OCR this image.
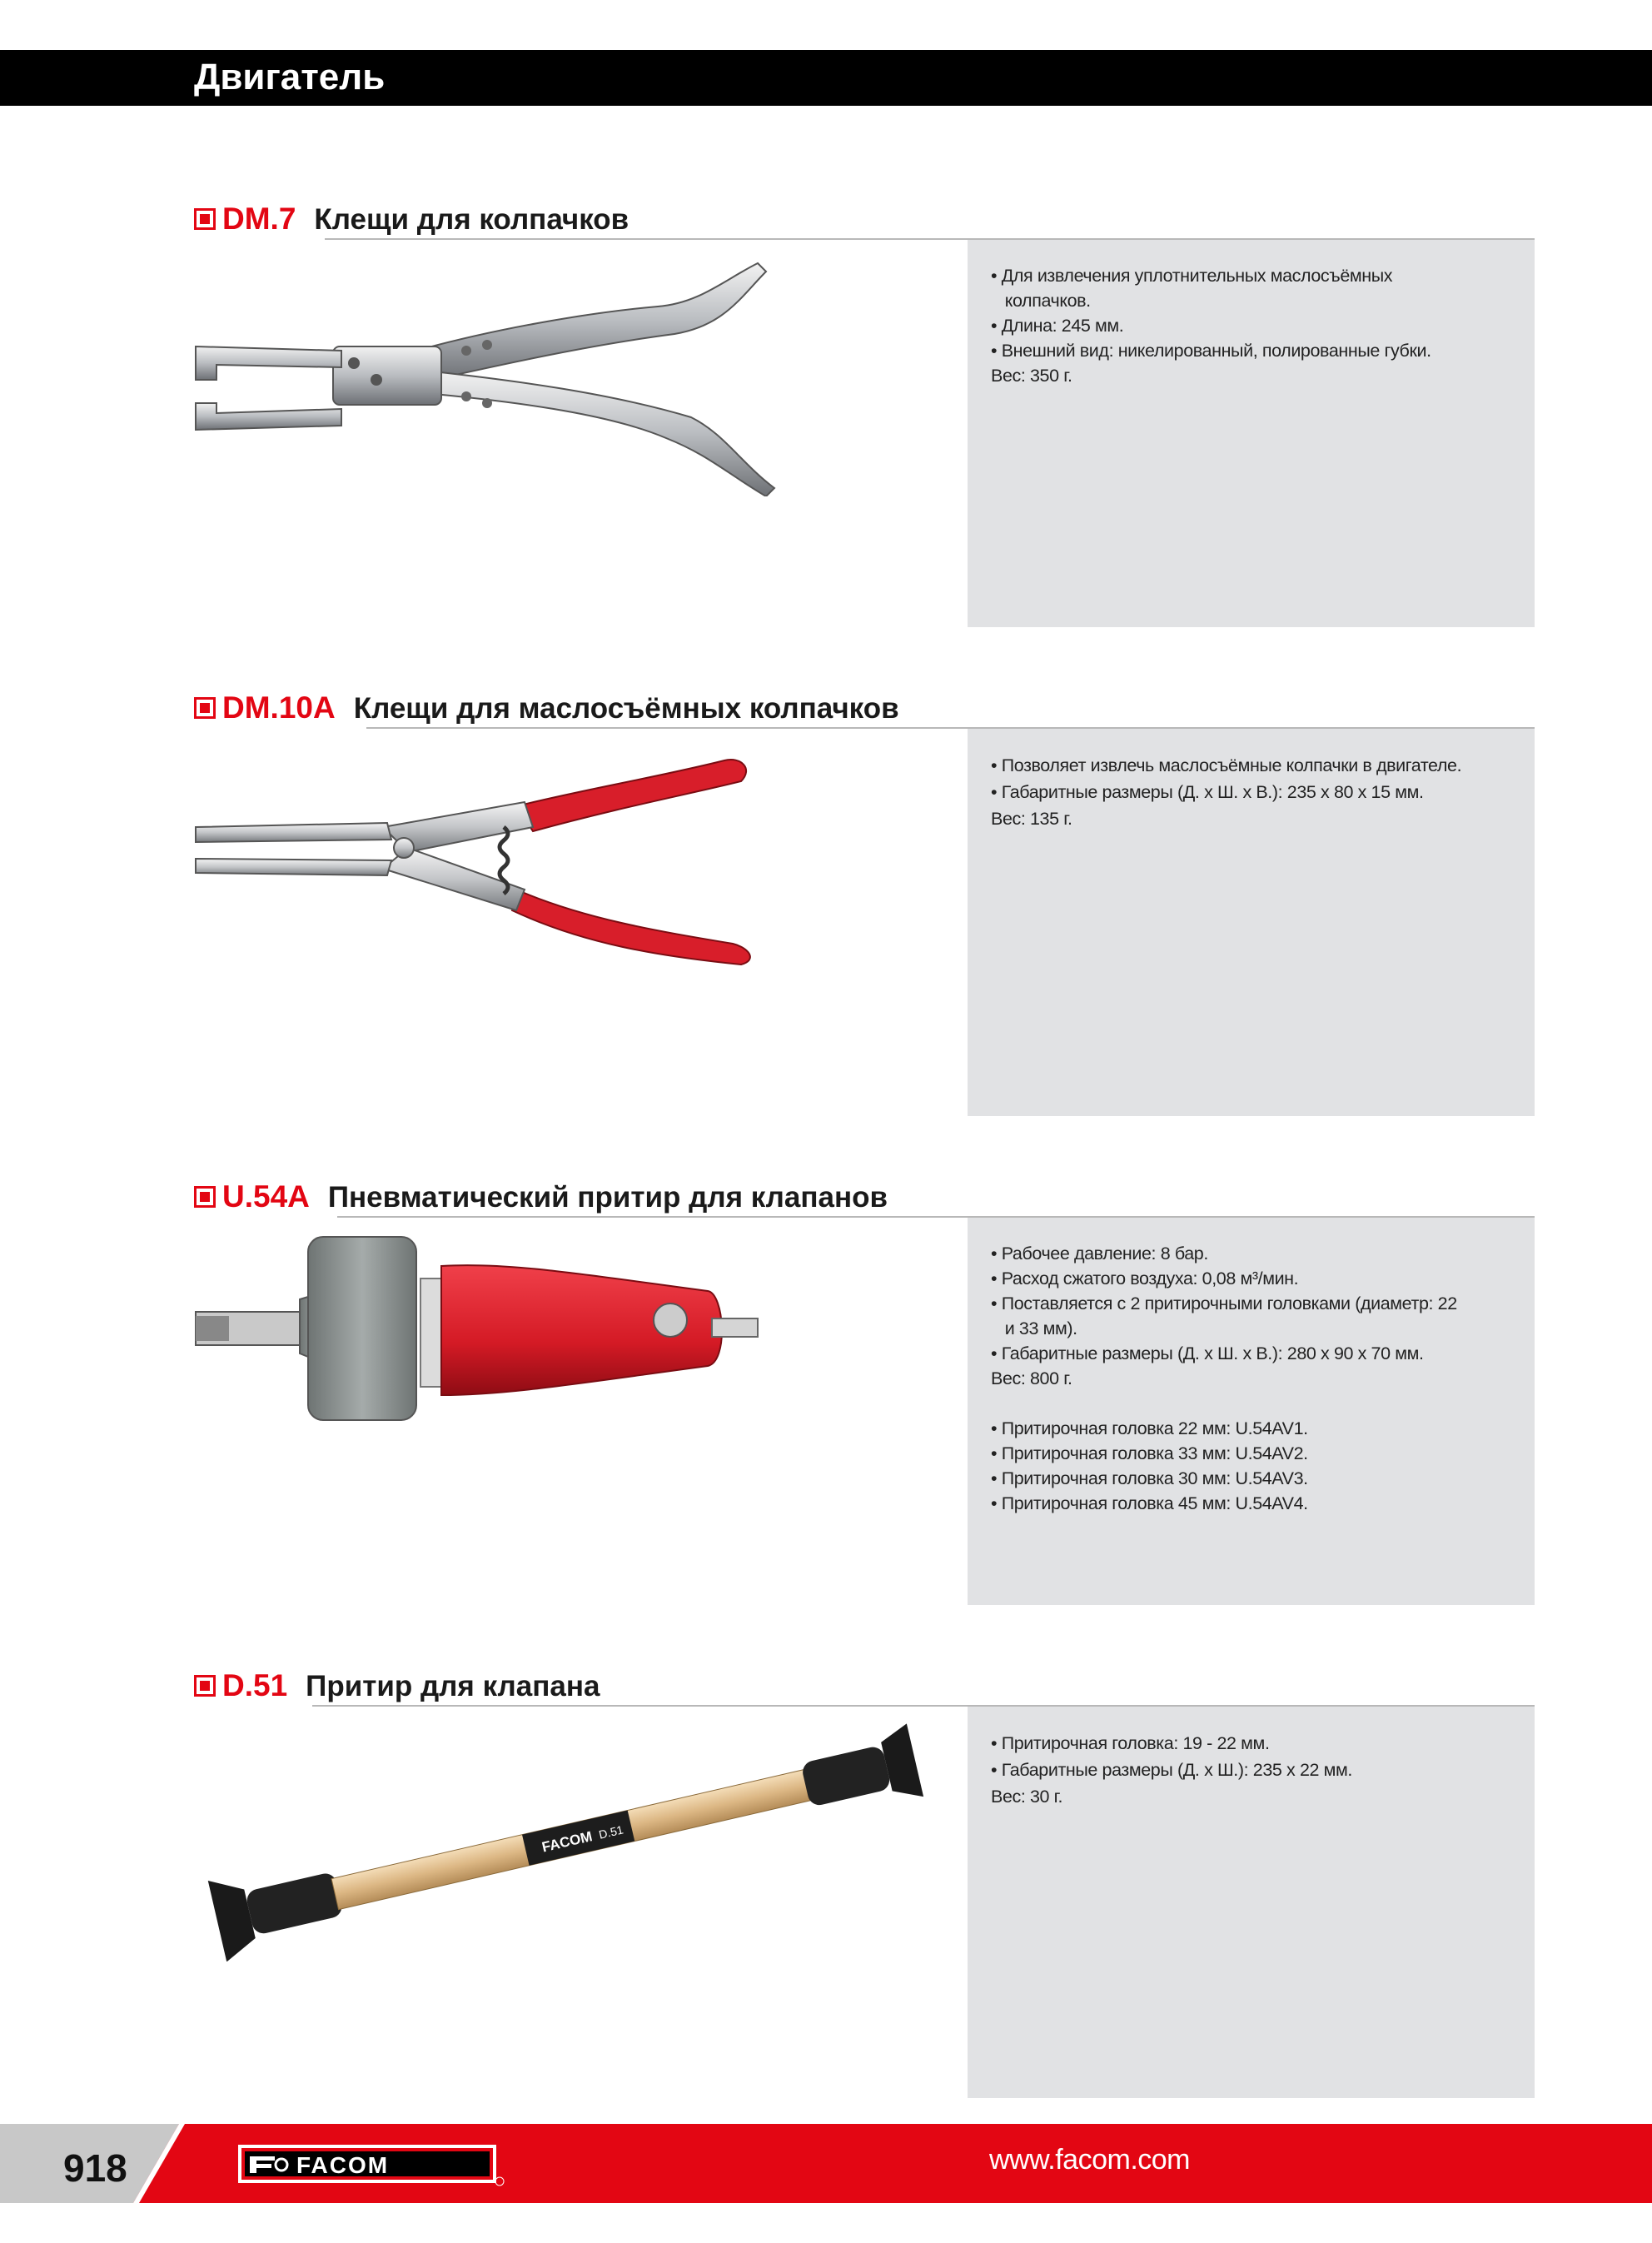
Двигатель
DM.7 Клещи для колпачков
• Для извлечения уплотнительных маслосъёмных
колпачков.
• Длина: 245 мм.
• Внешний вид: никелированный, полированные губки.
Вес: 350 г.
DM.10A Клещи для маслосъёмных колпачков
• Позволяет извлечь маслосъёмные колпачки в двигателе.
• Габаритные размеры (Д. x Ш. x В.): 235 x 80 x 15 мм.
Вес: 135 г.
U.54A Пневматический притир для клапанов
• Рабочее давление: 8 бар.
• Расход сжатого воздуха: 0,08 м³/мин.
• Поставляется с 2 притирочными головками (диаметр: 22
и 33 мм).
• Габаритные размеры (Д. x Ш. x В.): 280 x 90 x 70 мм.
Вес: 800 г.

• Притирочная головка 22 мм: U.54AV1.
• Притирочная головка 33 мм: U.54AV2.
• Притирочная головка 30 мм: U.54AV3.
• Притирочная головка 45 мм: U.54AV4.
D.51 Притир для клапана
• Притирочная головка: 19 - 22 мм.
• Габаритные размеры (Д. x Ш.): 235 x 22 мм.
Вес: 30 г.
FACOM D.51
918	FACOM	www.facom.com
